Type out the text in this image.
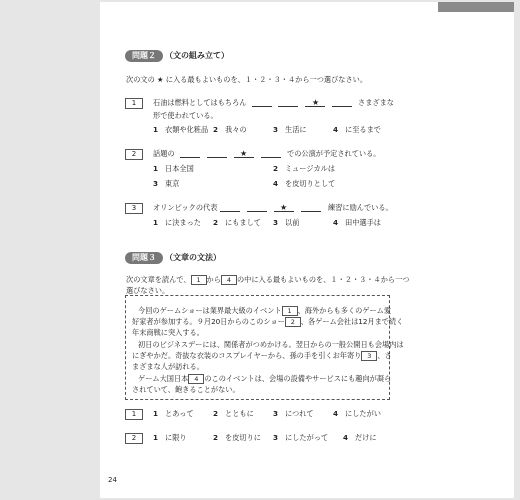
問題２	（文の組み立て）
次の文の ★ に入る最もよいものを、１・２・３・４から一つ選びなさい。
1	石油は燃料としてはもちろん	★	さまざまな
形で使われている。
1 衣類や化粧品 2 我々の	3 生活に	4 に至るまで
2	話題の	★	での公演が予定されている。
1 日本全国	2 ミュージカルは
3 東京	4 を皮切りとして
3	オリンピックの代表	★	練習に励んでいる。
1 に決まった 2 にもまして 3 以前	4 田中選手は
問題３	（文章の文法）
次の文章を読んで、 1 から 4 の中に入る最もよいものを、１・２・３・４から一つ
選びなさい。
今回のゲームショーは業界最大級のイベント 1 、海外からも多くのゲーム愛
好家者が参加する。９月20日からのこのショー 2 、各ゲーム会社は12月まで続く
年末商戦に突入する。
初日のビジネスデーには、関係者がつめかける。翌日からの一般公開日も会場内は
にぎやかだ。奇抜な衣装のコスプレイヤーから、孫の手を引くお年寄り 3 、さ
まざまな人が訪れる。
ゲーム大国日本 4 のこのイベントは、会場の設備やサービスにも趣向が凝ら
されていて、飽きることがない。
1	1 とあって	2 とともに	3 につれて	4 にしたがい
2	1 に限り	2 を皮切りに 3 にしたがって 4 だけに
24
